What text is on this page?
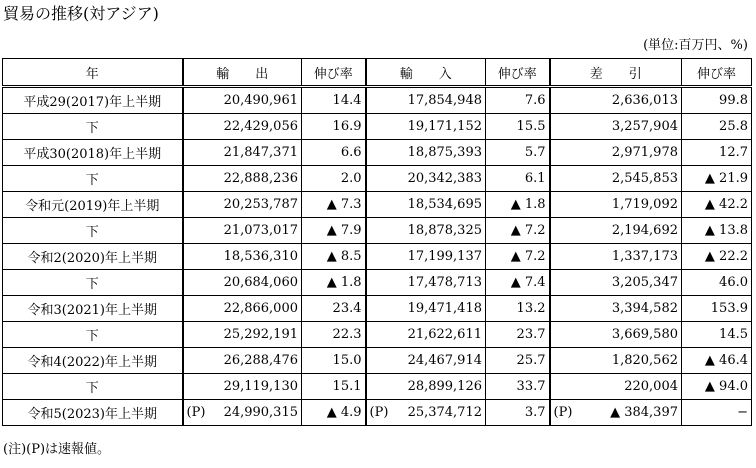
貿易の推移(対アジア)
(単位:百万円、%)
年	輸　　出	伸び率	輸　　入	伸び率	差　　引	伸び率
平成29(2017)年上半期	20,490,961	14.4	17,854,948	7.6	2,636,013	99.8
下	22,429,056	16.9	19,171,152	15.5	3,257,904	25.8
平成30(2018)年上半期	21,847,371	6.6	18,875,393	5.7	2,971,978	12.7
下	22,888,236	2.0	20,342,383	6.1	2,545,853	▲ 21.9
令和元(2019)年上半期	20,253,787	▲ 7.3	18,534,695	▲ 1.8	1,719,092	▲ 42.2
下	21,073,017	▲ 7.9	18,878,325	▲ 7.2	2,194,692	▲ 13.8
令和2(2020)年上半期	18,536,310	▲ 8.5	17,199,137	▲ 7.2	1,337,173	▲ 22.2
下	20,684,060	▲ 1.8	17,478,713	▲ 7.4	3,205,347	46.0
令和3(2021)年上半期	22,866,000	23.4	19,471,418	13.2	3,394,582	153.9
下	25,292,191	22.3	21,622,611	23.7	3,669,580	14.5
令和4(2022)年上半期	26,288,476	15.0	24,467,914	25.7	1,820,562	▲ 46.4
下	29,119,130	15.1	28,899,126	33.7	220,004	▲ 94.0
令和5(2023)年上半期	(P) 24,990,315	▲ 4.9	(P) 25,374,712	3.7	(P) ▲ 384,397	−
(注)(P)は速報値。
